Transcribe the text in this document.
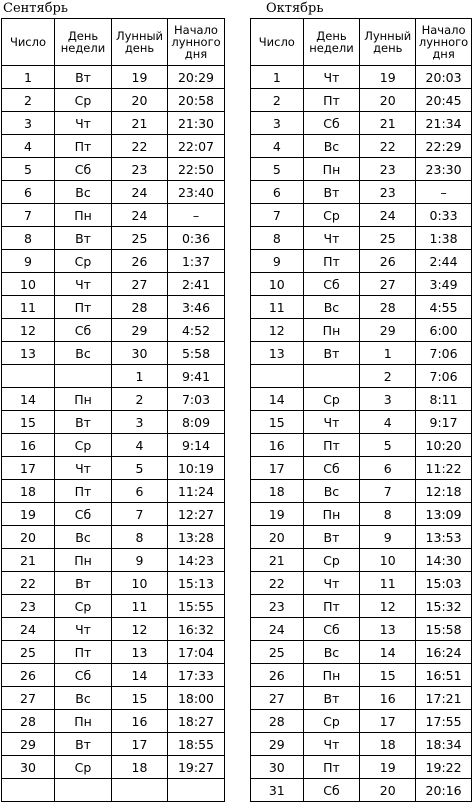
Сентябрь
Число	День недели	Лунный день	Начало лунного дня
1	Вт	19	20:29
2	Ср	20	20:58
3	Чт	21	21:30
4	Пт	22	22:07
5	Сб	23	22:50
6	Вс	24	23:40
7	Пн	24	–
8	Вт	25	0:36
9	Ср	26	1:37
10	Чт	27	2:41
11	Пт	28	3:46
12	Сб	29	4:52
13	Вс	30	5:58
		1	9:41
14	Пн	2	7:03
15	Вт	3	8:09
16	Ср	4	9:14
17	Чт	5	10:19
18	Пт	6	11:24
19	Сб	7	12:27
20	Вс	8	13:28
21	Пн	9	14:23
22	Вт	10	15:13
23	Ср	11	15:55
24	Чт	12	16:32
25	Пт	13	17:04
26	Сб	14	17:33
27	Вс	15	18:00
28	Пн	16	18:27
29	Вт	17	18:55
30	Ср	18	19:27

Октябрь
Число	День недели	Лунный день	Начало лунного дня
1	Чт	19	20:03
2	Пт	20	20:45
3	Сб	21	21:34
4	Вс	22	22:29
5	Пн	23	23:30
6	Вт	23	–
7	Ср	24	0:33
8	Чт	25	1:38
9	Пт	26	2:44
10	Сб	27	3:49
11	Вс	28	4:55
12	Пн	29	6:00
13	Вт	1	7:06
		2	7:06
14	Ср	3	8:11
15	Чт	4	9:17
16	Пт	5	10:20
17	Сб	6	11:22
18	Вс	7	12:18
19	Пн	8	13:09
20	Вт	9	13:53
21	Ср	10	14:30
22	Чт	11	15:03
23	Пт	12	15:32
24	Сб	13	15:58
25	Вс	14	16:24
26	Пн	15	16:51
27	Вт	16	17:21
28	Ср	17	17:55
29	Чт	18	18:34
30	Пт	19	19:22
31	Сб	20	20:16
